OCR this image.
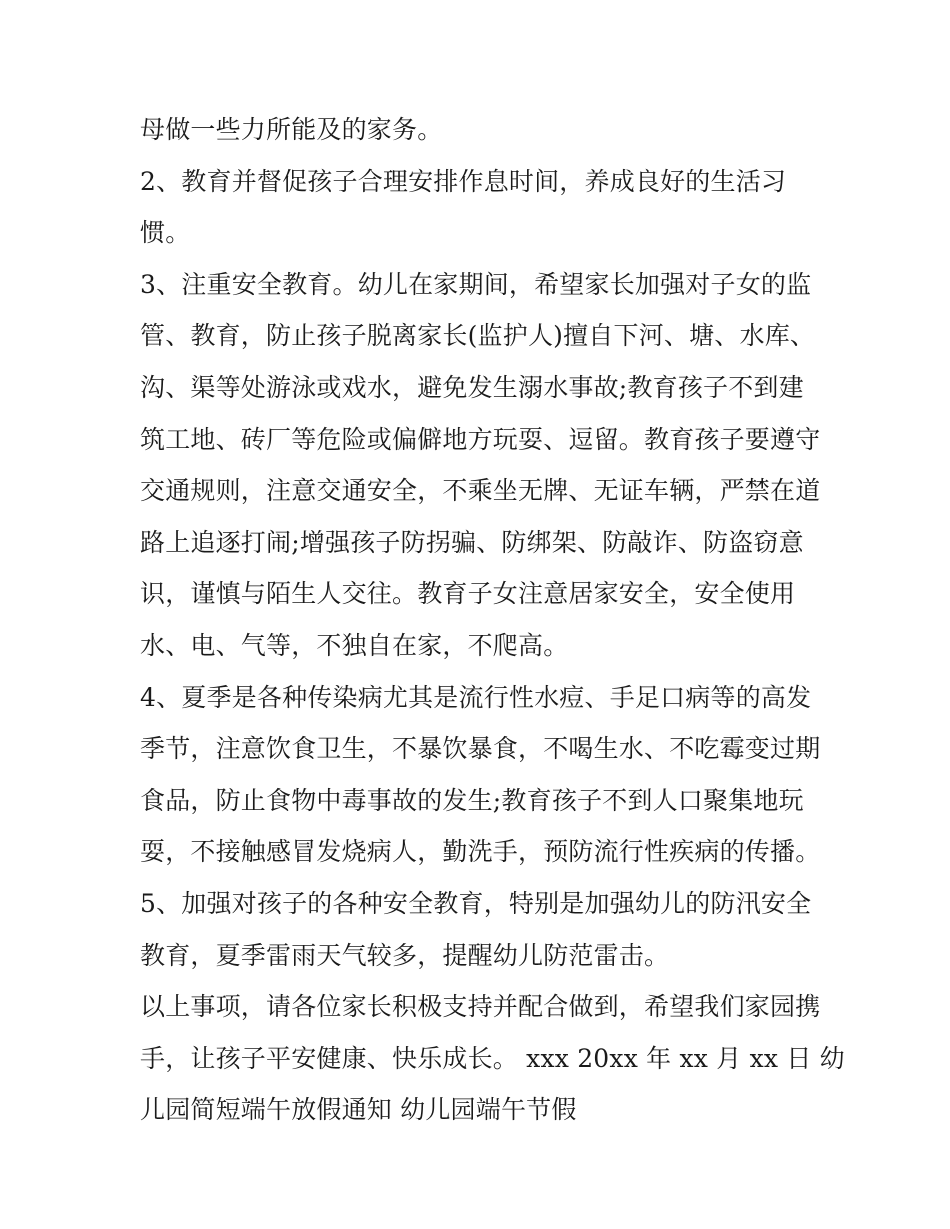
母做一些力所能及的家务。
2、教育并督促孩子合理安排作息时间，养成良好的生活习
惯。
3、注重安全教育。幼儿在家期间，希望家长加强对子女的监
管、教育，防止孩子脱离家长(监护人)擅自下河、塘、水库、
沟、渠等处游泳或戏水，避免发生溺水事故;教育孩子不到建
筑工地、砖厂等危险或偏僻地方玩耍、逗留。教育孩子要遵守
交通规则，注意交通安全，不乘坐无牌、无证车辆，严禁在道
路上追逐打闹;增强孩子防拐骗、防绑架、防敲诈、防盗窃意
识，谨慎与陌生人交往。教育子女注意居家安全，安全使用
水、电、气等，不独自在家，不爬高。
4、夏季是各种传染病尤其是流行性水痘、手足口病等的高发
季节，注意饮食卫生，不暴饮暴食，不喝生水、不吃霉变过期
食品，防止食物中毒事故的发生;教育孩子不到人口聚集地玩
耍，不接触感冒发烧病人，勤洗手，预防流行性疾病的传播。
5、加强对孩子的各种安全教育，特别是加强幼儿的防汛安全
教育，夏季雷雨天气较多，提醒幼儿防范雷击。
以上事项，请各位家长积极支持并配合做到，希望我们家园携
手，让孩子平安健康、快乐成长。 xxx 20xx 年 xx 月 xx 日 幼
儿园简短端午放假通知 幼儿园端午节假
